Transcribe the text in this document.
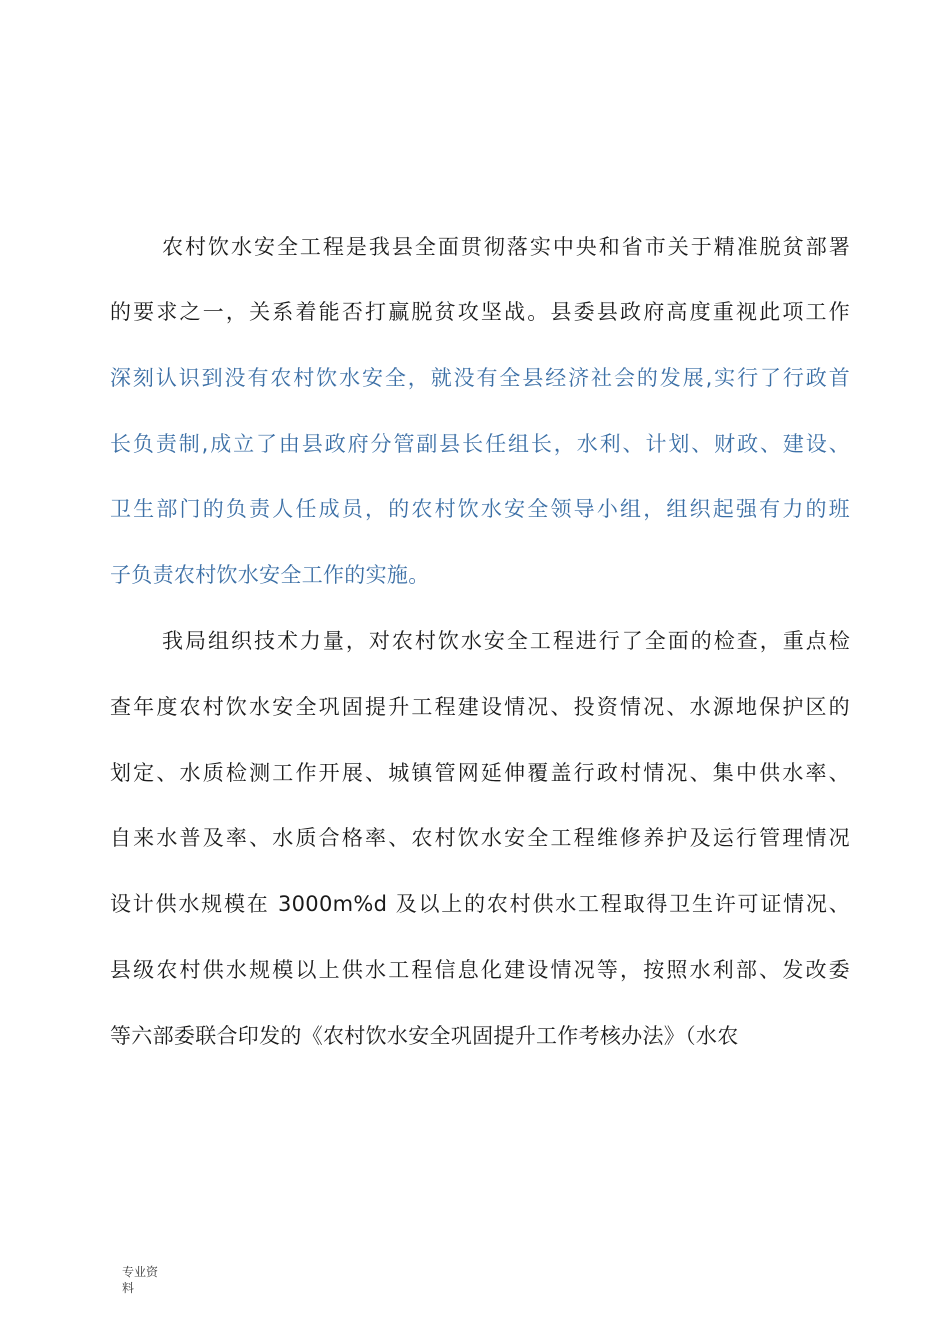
农村饮水安全工程是我县全面贯彻落实中央和省市关于精准脱贫部署
的要求之一，关系着能否打赢脱贫攻坚战。县委县政府高度重视此项工作
深刻认识到没有农村饮水安全，就没有全县经济社会的发展,实行了行政首
长负责制,成立了由县政府分管副县长任组长，水利、计划、财政、建设、
卫生部门的负责人任成员，的农村饮水安全领导小组，组织起强有力的班
子负责农村饮水安全工作的实施。
我局组织技术力量，对农村饮水安全工程进行了全面的检查，重点检
查年度农村饮水安全巩固提升工程建设情况、投资情况、水源地保护区的
划定、水质检测工作开展、城镇管网延伸覆盖行政村情况、集中供水率、
自来水普及率、水质合格率、农村饮水安全工程维修养护及运行管理情况
设计供水规模在 3000m%d 及以上的农村供水工程取得卫生许可证情况、
县级农村供水规模以上供水工程信息化建设情况等，按照水利部、发改委
等六部委联合印发的《农村饮水安全巩固提升工作考核办法》（水农
专业资
料
